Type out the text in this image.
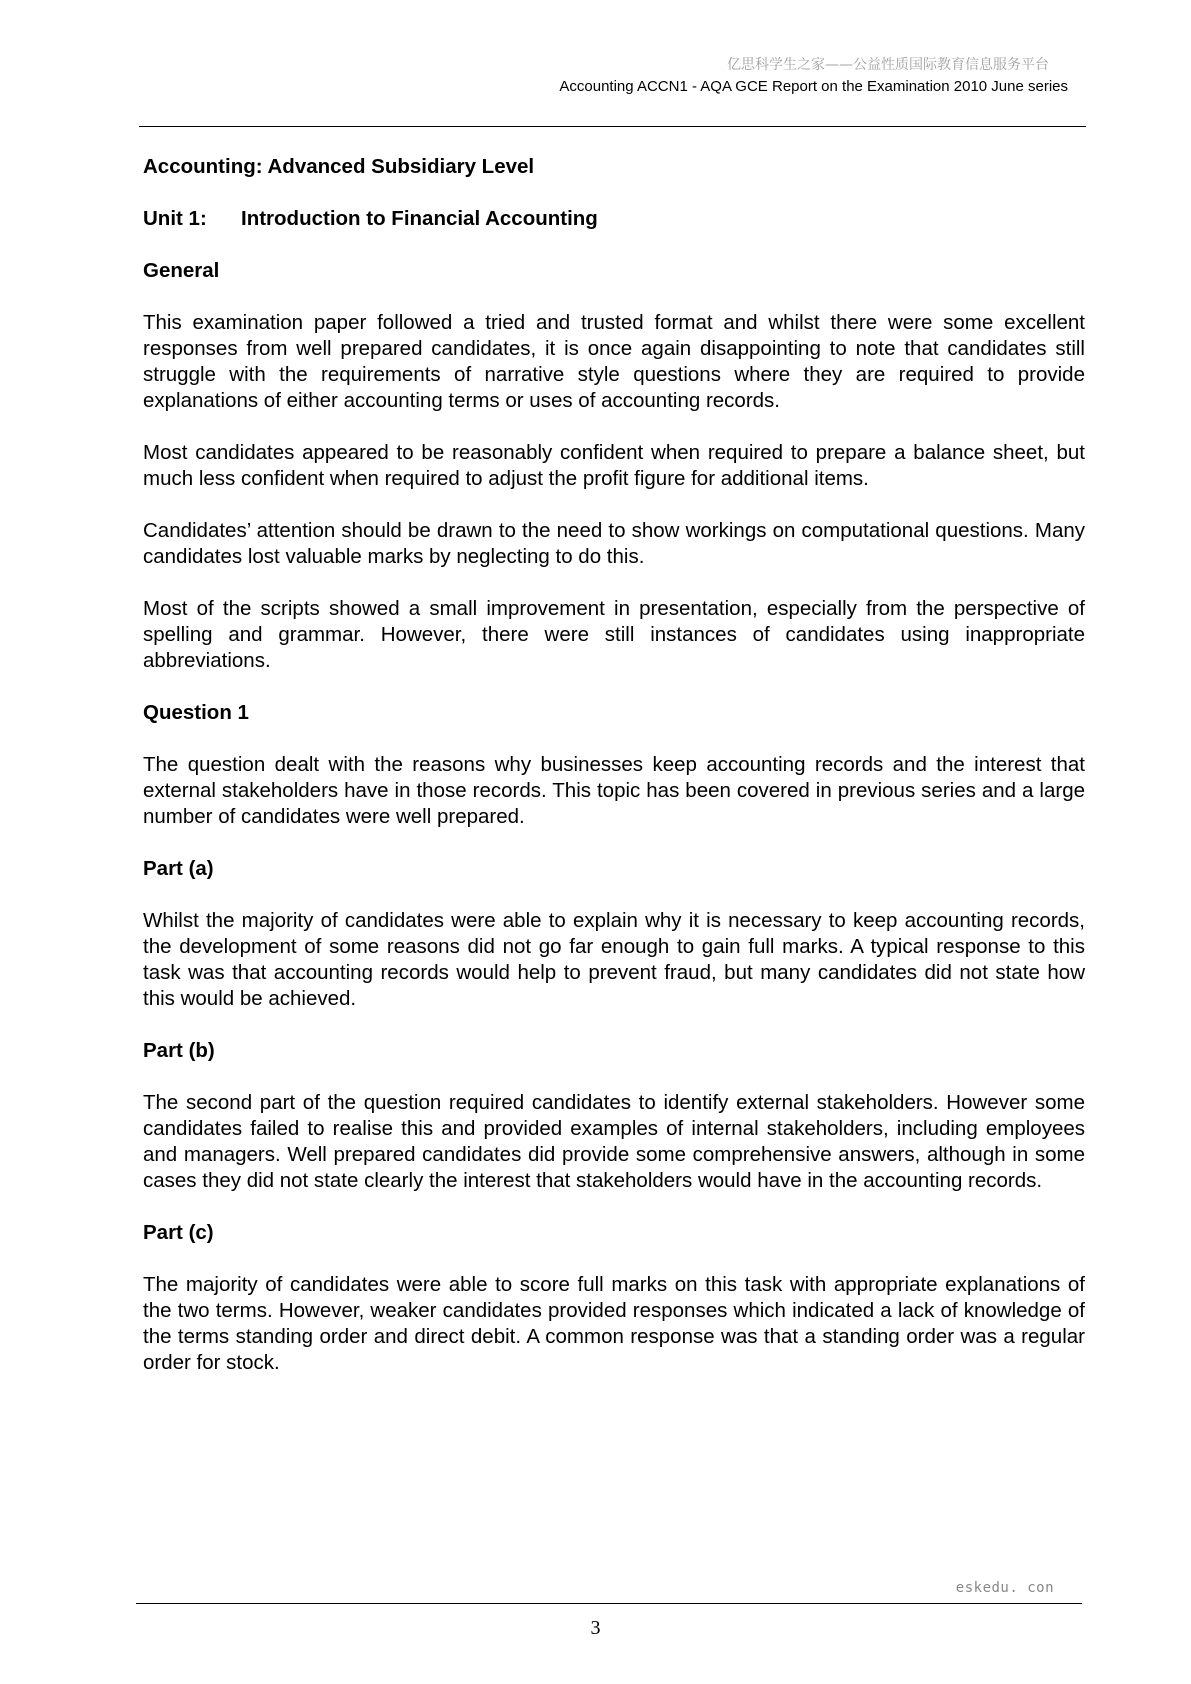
亿思科学生之家——公益性质国际教育信息服务平台
Accounting ACCN1 - AQA GCE Report on the Examination 2010 June series
Accounting: Advanced Subsidiary Level
Unit 1:	Introduction to Financial Accounting
General

This examination paper followed a tried and trusted format and whilst there were some excellent responses from well prepared candidates, it is once again disappointing to note that candidates still struggle with the requirements of narrative style questions where they are required to provide explanations of either accounting terms or uses of accounting records.

Most candidates appeared to be reasonably confident when required to prepare a balance sheet, but much less confident when required to adjust the profit figure for additional items.

Candidates’ attention should be drawn to the need to show workings on computational questions. Many candidates lost valuable marks by neglecting to do this.

Most of the scripts showed a small improvement in presentation, especially from the perspective of spelling and grammar. However, there were still instances of candidates using inappropriate abbreviations.

Question 1

The question dealt with the reasons why businesses keep accounting records and the interest that external stakeholders have in those records. This topic has been covered in previous series and a large number of candidates were well prepared.

Part (a)

Whilst the majority of candidates were able to explain why it is necessary to keep accounting records, the development of some reasons did not go far enough to gain full marks. A typical response to this task was that accounting records would help to prevent fraud, but many candidates did not state how this would be achieved.

Part (b)

The second part of the question required candidates to identify external stakeholders. However some candidates failed to realise this and provided examples of internal stakeholders, including employees and managers. Well prepared candidates did provide some comprehensive answers, although in some cases they did not state clearly the interest that stakeholders would have in the accounting records.

Part (c)

The majority of candidates were able to score full marks on this task with appropriate explanations of the two terms. However, weaker candidates provided responses which indicated a lack of knowledge of the terms standing order and direct debit. A common response was that a standing order was a regular order for stock.

eskedu. con
3
